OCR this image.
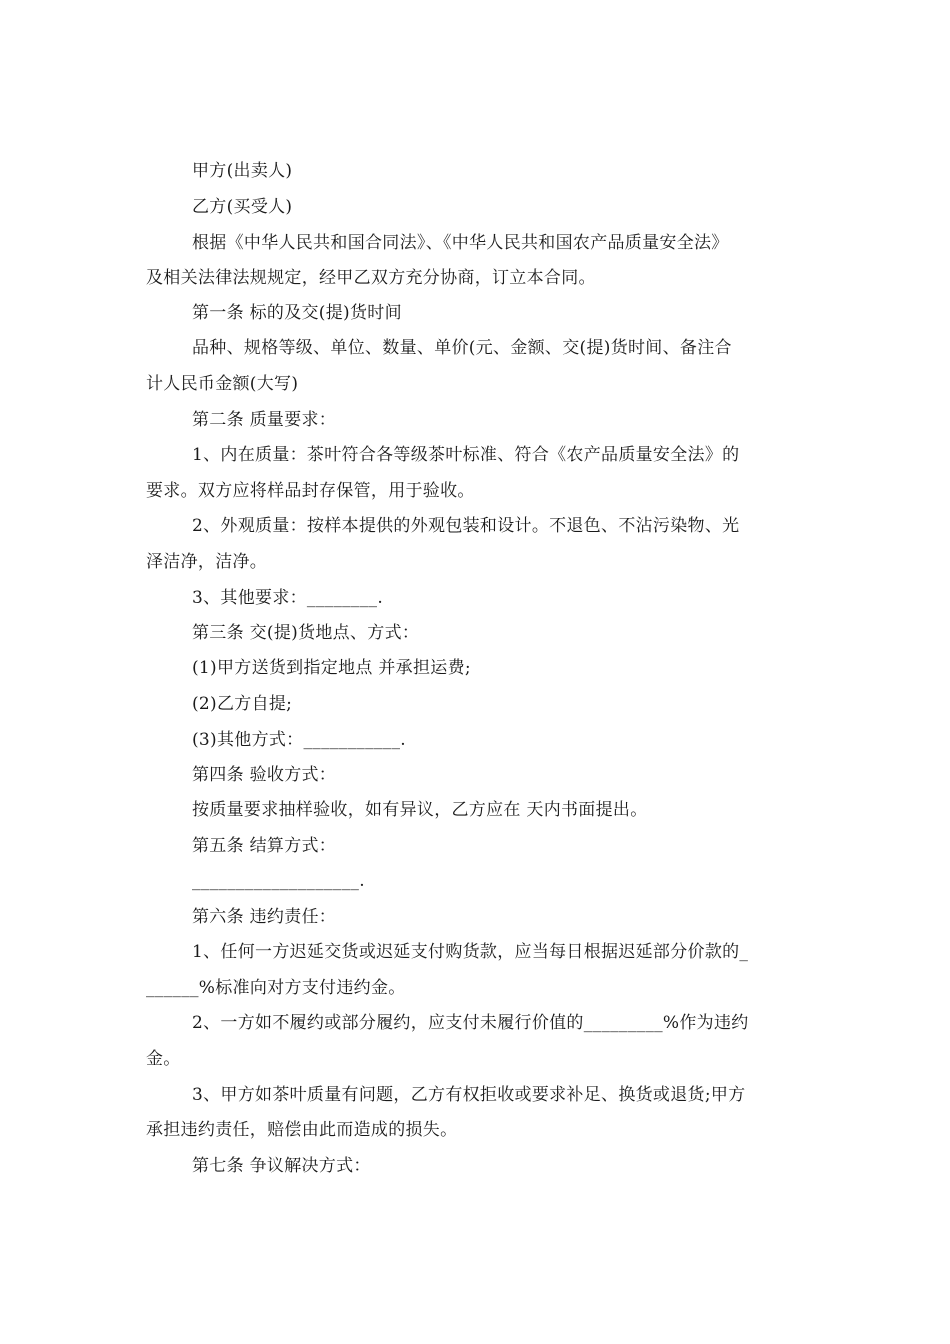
甲方(出卖人)
乙方(买受人)
根据《中华人民共和国合同法》、《中华人民共和国农产品质量安全法》
及相关法律法规规定，经甲乙双方充分协商，订立本合同。
第一条 标的及交(提)货时间
品种、规格等级、单位、数量、单价(元、金额、交(提)货时间、备注合
计人民币金额(大写)
第二条 质量要求：
1、内在质量：茶叶符合各等级茶叶标准、符合《农产品质量安全法》的
要求。双方应将样品封存保管，用于验收。
2、外观质量：按样本提供的外观包装和设计。不退色、不沾污染物、光
泽洁净，洁净。
3、其他要求：________.
第三条 交(提)货地点、方式：
(1)甲方送货到指定地点 并承担运费;
(2)乙方自提;
(3)其他方式：___________.
第四条 验收方式：
按质量要求抽样验收，如有异议，乙方应在 天内书面提出。
第五条 结算方式：
___________________.
第六条 违约责任：
1、任何一方迟延交货或迟延支付购货款，应当每日根据迟延部分价款的_
______%标准向对方支付违约金。
2、一方如不履约或部分履约，应支付未履行价值的_________%作为违约
金。
3、甲方如茶叶质量有问题，乙方有权拒收或要求补足、换货或退货;甲方
承担违约责任，赔偿由此而造成的损失。
第七条 争议解决方式：
